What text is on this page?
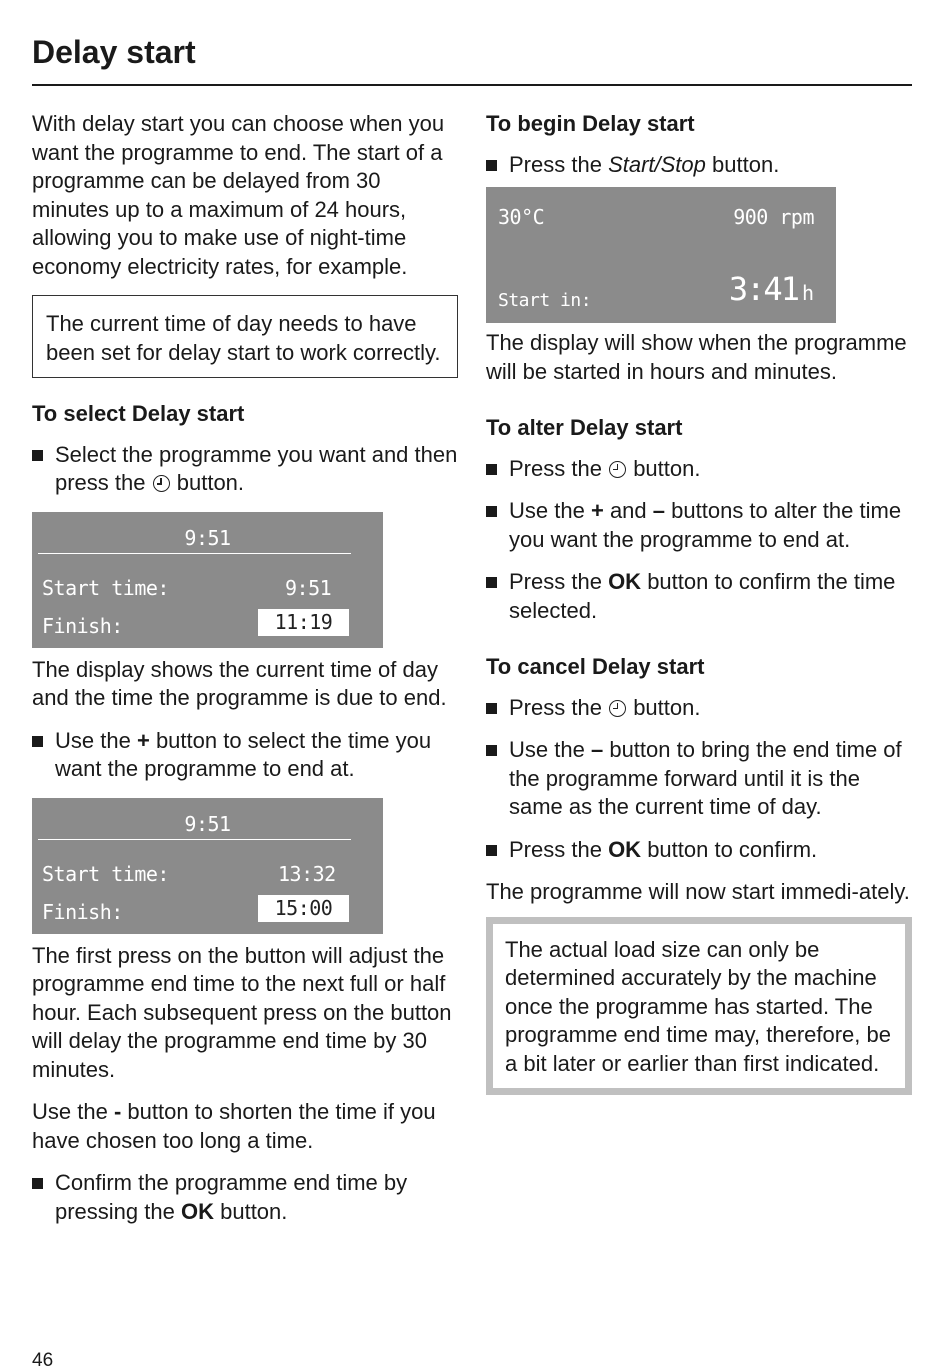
Delay start

With delay start you can choose when you want the programme to end. The start of a programme can be delayed from 30 minutes up to a maximum of 24 hours, allowing you to make use of night-time economy electricity rates, for example.

The current time of day needs to have been set for delay start to work correctly.

To select Delay start

Select the programme you want and then press the button.
9:51
Start time:	9:51
Finish:	11:19

The display shows the current time of day and the time the programme is due to end.

Use the + button to select the time you want the programme to end at.
9:51
Start time:	13:32
Finish:	15:00

The first press on the button will adjust the programme end time to the next full or half hour. Each subsequent press on the button will delay the programme end time by 30 minutes.

Use the - button to shorten the time if you have chosen too long a time.

Confirm the programme end time by pressing the OK button.

To begin Delay start

Press the Start/Stop button.
30°C	900 rpm
Start in:	3:41 h

The display will show when the programme will be started in hours and minutes.

To alter Delay start

Press the button.
Use the + and – buttons to alter the time you want the programme to end at.
Press the OK button to confirm the time selected.

To cancel Delay start

Press the button.
Use the – button to bring the end time of the programme forward until it is the same as the current time of day.
Press the OK button to confirm.

The programme will now start immedi-ately.

The actual load size can only be determined accurately by the machine once the programme has started. The programme end time may, therefore, be a bit later or earlier than first indicated.

46
